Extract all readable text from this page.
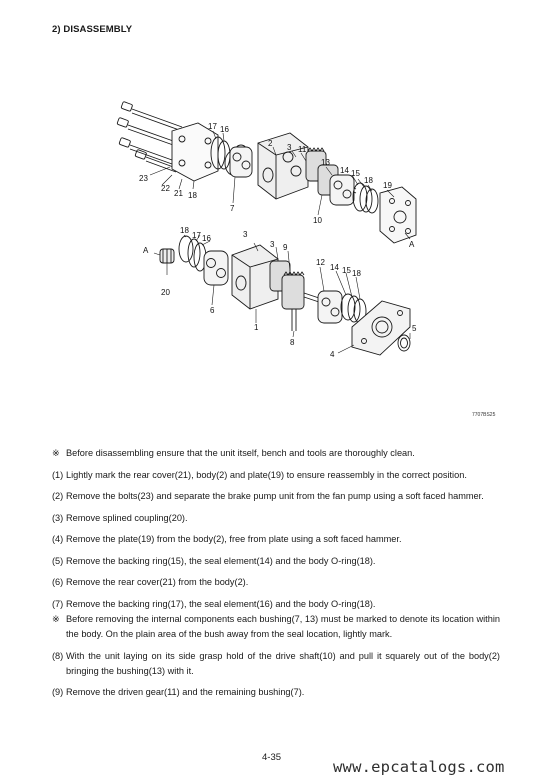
2) DISASSEMBLY
17 16
2 3 11
13
14 15
18
19
23
22
21 18
7
10
A
18
17 16	3
3 9
A
20
12
14 15 18
6
1
8
5
4
7707BS25
※ Before disassembling ensure that the unit itself, bench and tools are thoroughly clean.
(1) Lightly mark the rear cover(21), body(2) and plate(19) to ensure reassembly in the correct position.
(2) Remove the bolts(23) and separate the brake pump unit from the fan pump using a soft faced hammer.
(3) Remove splined coupling(20).
(4) Remove the plate(19) from the body(2), free from plate using a soft faced hammer.
(5) Remove the backing ring(15), the seal element(14) and the body O-ring(18).
(6) Remove the rear cover(21) from the body(2).
(7) Remove the backing ring(17), the seal element(16) and the body O-ring(18).
※ Before removing the internal components each bushing(7, 13) must be marked to denote its location within the body. On the plain area of the bush away from the seal location, lightly mark.
(8) With the unit laying on its side grasp hold of the drive shaft(10) and pull it squarely out of the body(2) bringing the bushing(13) with it.
(9) Remove the driven gear(11) and the remaining bushing(7).
4-35
www.epcatalogs.com
